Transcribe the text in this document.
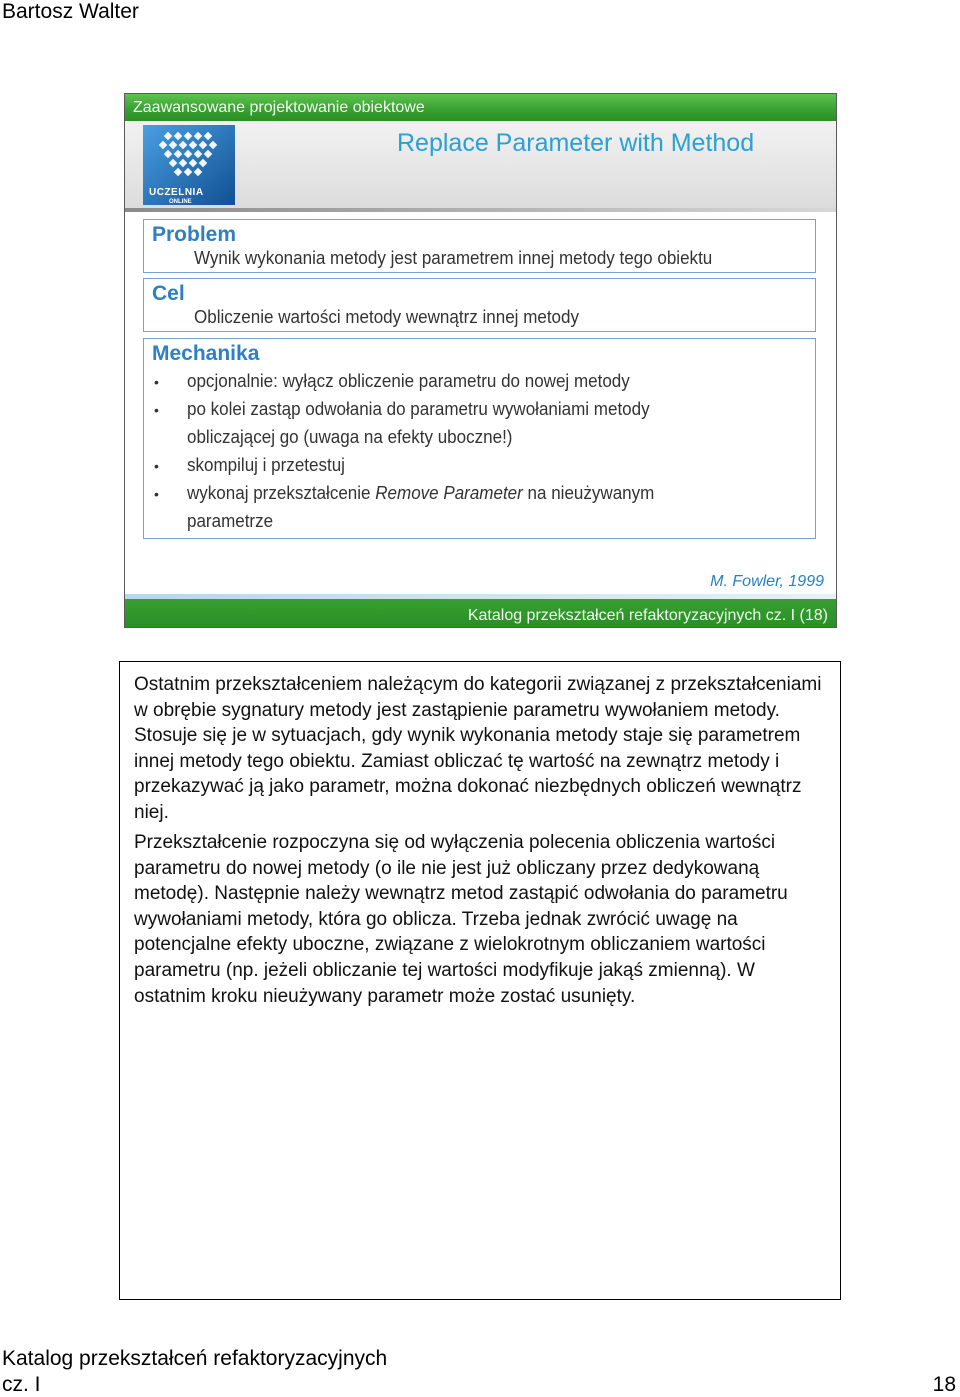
Bartosz Walter
Zaawansowane projektowanie obiektowe
UCZELNIA
ONLINE
Replace Parameter with Method
Problem
Wynik wykonania metody jest parametrem innej metody tego obiektu
Cel
Obliczenie wartości metody wewnątrz innej metody
Mechanika
• opcjonalnie: wyłącz obliczenie parametru do nowej metody
• po kolei zastąp odwołania do parametru wywołaniami metody
obliczającej go (uwaga na efekty uboczne!)
• skompiluj i przetestuj
• wykonaj przekształcenie Remove Parameter na nieużywanym
parametrze
M. Fowler, 1999
Katalog przekształceń refaktoryzacyjnych cz. I (18)
Ostatnim przekształceniem należącym do kategorii związanej z przekształceniami w obrębie sygnatury metody jest zastąpienie parametru wywołaniem metody. Stosuje się je w sytuacjach, gdy wynik wykonania metody staje się parametrem innej metody tego obiektu. Zamiast obliczać tę wartość na zewnątrz metody i przekazywać ją jako parametr, można dokonać niezbędnych obliczeń wewnątrz niej.
Przekształcenie rozpoczyna się od wyłączenia polecenia obliczenia wartości parametru do nowej metody (o ile nie jest już obliczany przez dedykowaną metodę). Następnie należy wewnątrz metod zastąpić odwołania do parametru wywołaniami metody, która go oblicza. Trzeba jednak zwrócić uwagę na potencjalne efekty uboczne, związane z wielokrotnym obliczaniem wartości parametru (np. jeżeli obliczanie tej wartości modyfikuje jakąś zmienną). W ostatnim kroku nieużywany parametr może zostać usunięty.
Katalog przekształceń refaktoryzacyjnych
cz. I	18
